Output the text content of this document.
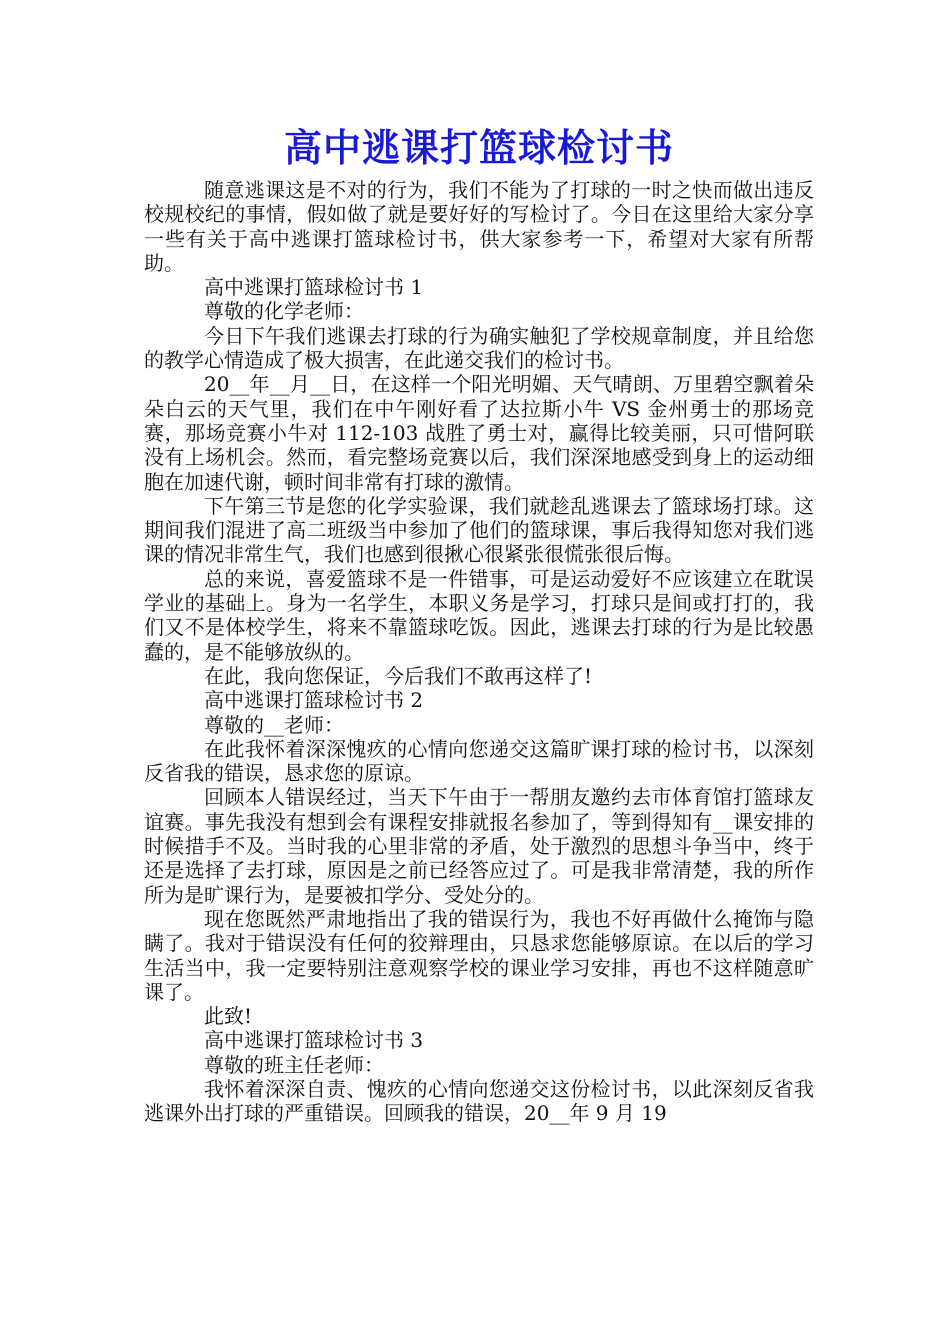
高中逃课打篮球检讨书

随意逃课这是不对的行为，我们不能为了打球的一时之快而做出违反校规校纪的事情，假如做了就是要好好的写检讨了。今日在这里给大家分享一些有关于高中逃课打篮球检讨书，供大家参考一下，希望对大家有所帮助。

高中逃课打篮球检讨书 1

尊敬的化学老师：

今日下午我们逃课去打球的行为确实触犯了学校规章制度，并且给您的教学心情造成了极大损害，在此递交我们的检讨书。

20__年__月__日，在这样一个阳光明媚、天气晴朗、万里碧空飘着朵朵白云的天气里，我们在中午刚好看了达拉斯小牛 VS 金州勇士的那场竞赛，那场竞赛小牛对 112-103 战胜了勇士对，赢得比较美丽，只可惜阿联没有上场机会。然而，看完整场竞赛以后，我们深深地感受到身上的运动细胞在加速代谢，顿时间非常有打球的激情。

下午第三节是您的化学实验课，我们就趁乱逃课去了篮球场打球。这期间我们混进了高二班级当中参加了他们的篮球课，事后我得知您对我们逃课的情况非常生气，我们也感到很揪心很紧张很慌张很后悔。

总的来说，喜爱篮球不是一件错事，可是运动爱好不应该建立在耽误学业的基础上。身为一名学生，本职义务是学习，打球只是间或打打的，我们又不是体校学生，将来不靠篮球吃饭。因此，逃课去打球的行为是比较愚蠢的，是不能够放纵的。

在此，我向您保证，今后我们不敢再这样了!

高中逃课打篮球检讨书 2

尊敬的__老师：

在此我怀着深深愧疚的心情向您递交这篇旷课打球的检讨书，以深刻反省我的错误，恳求您的原谅。

回顾本人错误经过，当天下午由于一帮朋友邀约去市体育馆打篮球友谊赛。事先我没有想到会有课程安排就报名参加了，等到得知有__课安排的时候措手不及。当时我的心里非常的矛盾，处于激烈的思想斗争当中，终于还是选择了去打球，原因是之前已经答应过了。可是我非常清楚，我的所作所为是旷课行为，是要被扣学分、受处分的。

现在您既然严肃地指出了我的错误行为，我也不好再做什么掩饰与隐瞒了。我对于错误没有任何的狡辩理由，只恳求您能够原谅。在以后的学习生活当中，我一定要特别注意观察学校的课业学习安排，再也不这样随意旷课了。

此致!

高中逃课打篮球检讨书 3

尊敬的班主任老师：

我怀着深深自责、愧疚的心情向您递交这份检讨书，以此深刻反省我逃课外出打球的严重错误。回顾我的错误，20__年 9 月 19
